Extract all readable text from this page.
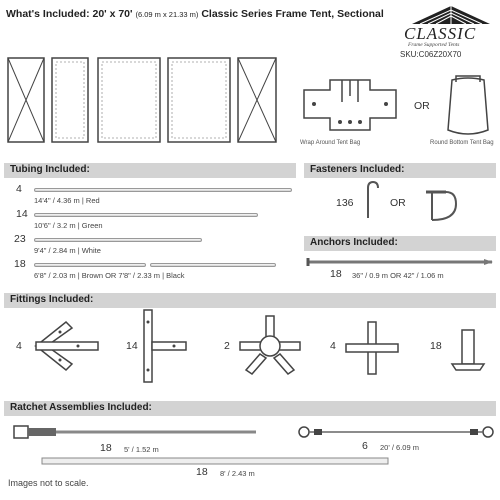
What's Included: 20' x 70' (6.09 m x 21.33 m) Classic Series Frame Tent, Sectional
CLASSIC
Frame Supported Tents
SKU:C06Z20X70
Wrap Around Tent Bag
OR
Round Bottom Tent Bag
Tubing Included:
4
14'4" / 4.36 m | Red
14
10'6" / 3.2 m | Green
23
9'4" / 2.84 m | White
18
6'8" / 2.03 m | Brown OR 7'8" / 2.33 m | Black
Fasteners Included:
136	OR
Anchors Included:
18 36" / 0.9 m OR 42" / 1.06 m
Fittings Included:
4	14	2	4	18
Ratchet Assemblies Included:
18 5' / 1.52 m	6 20' / 6.09 m
18 8' / 2.43 m
Images not to scale.
